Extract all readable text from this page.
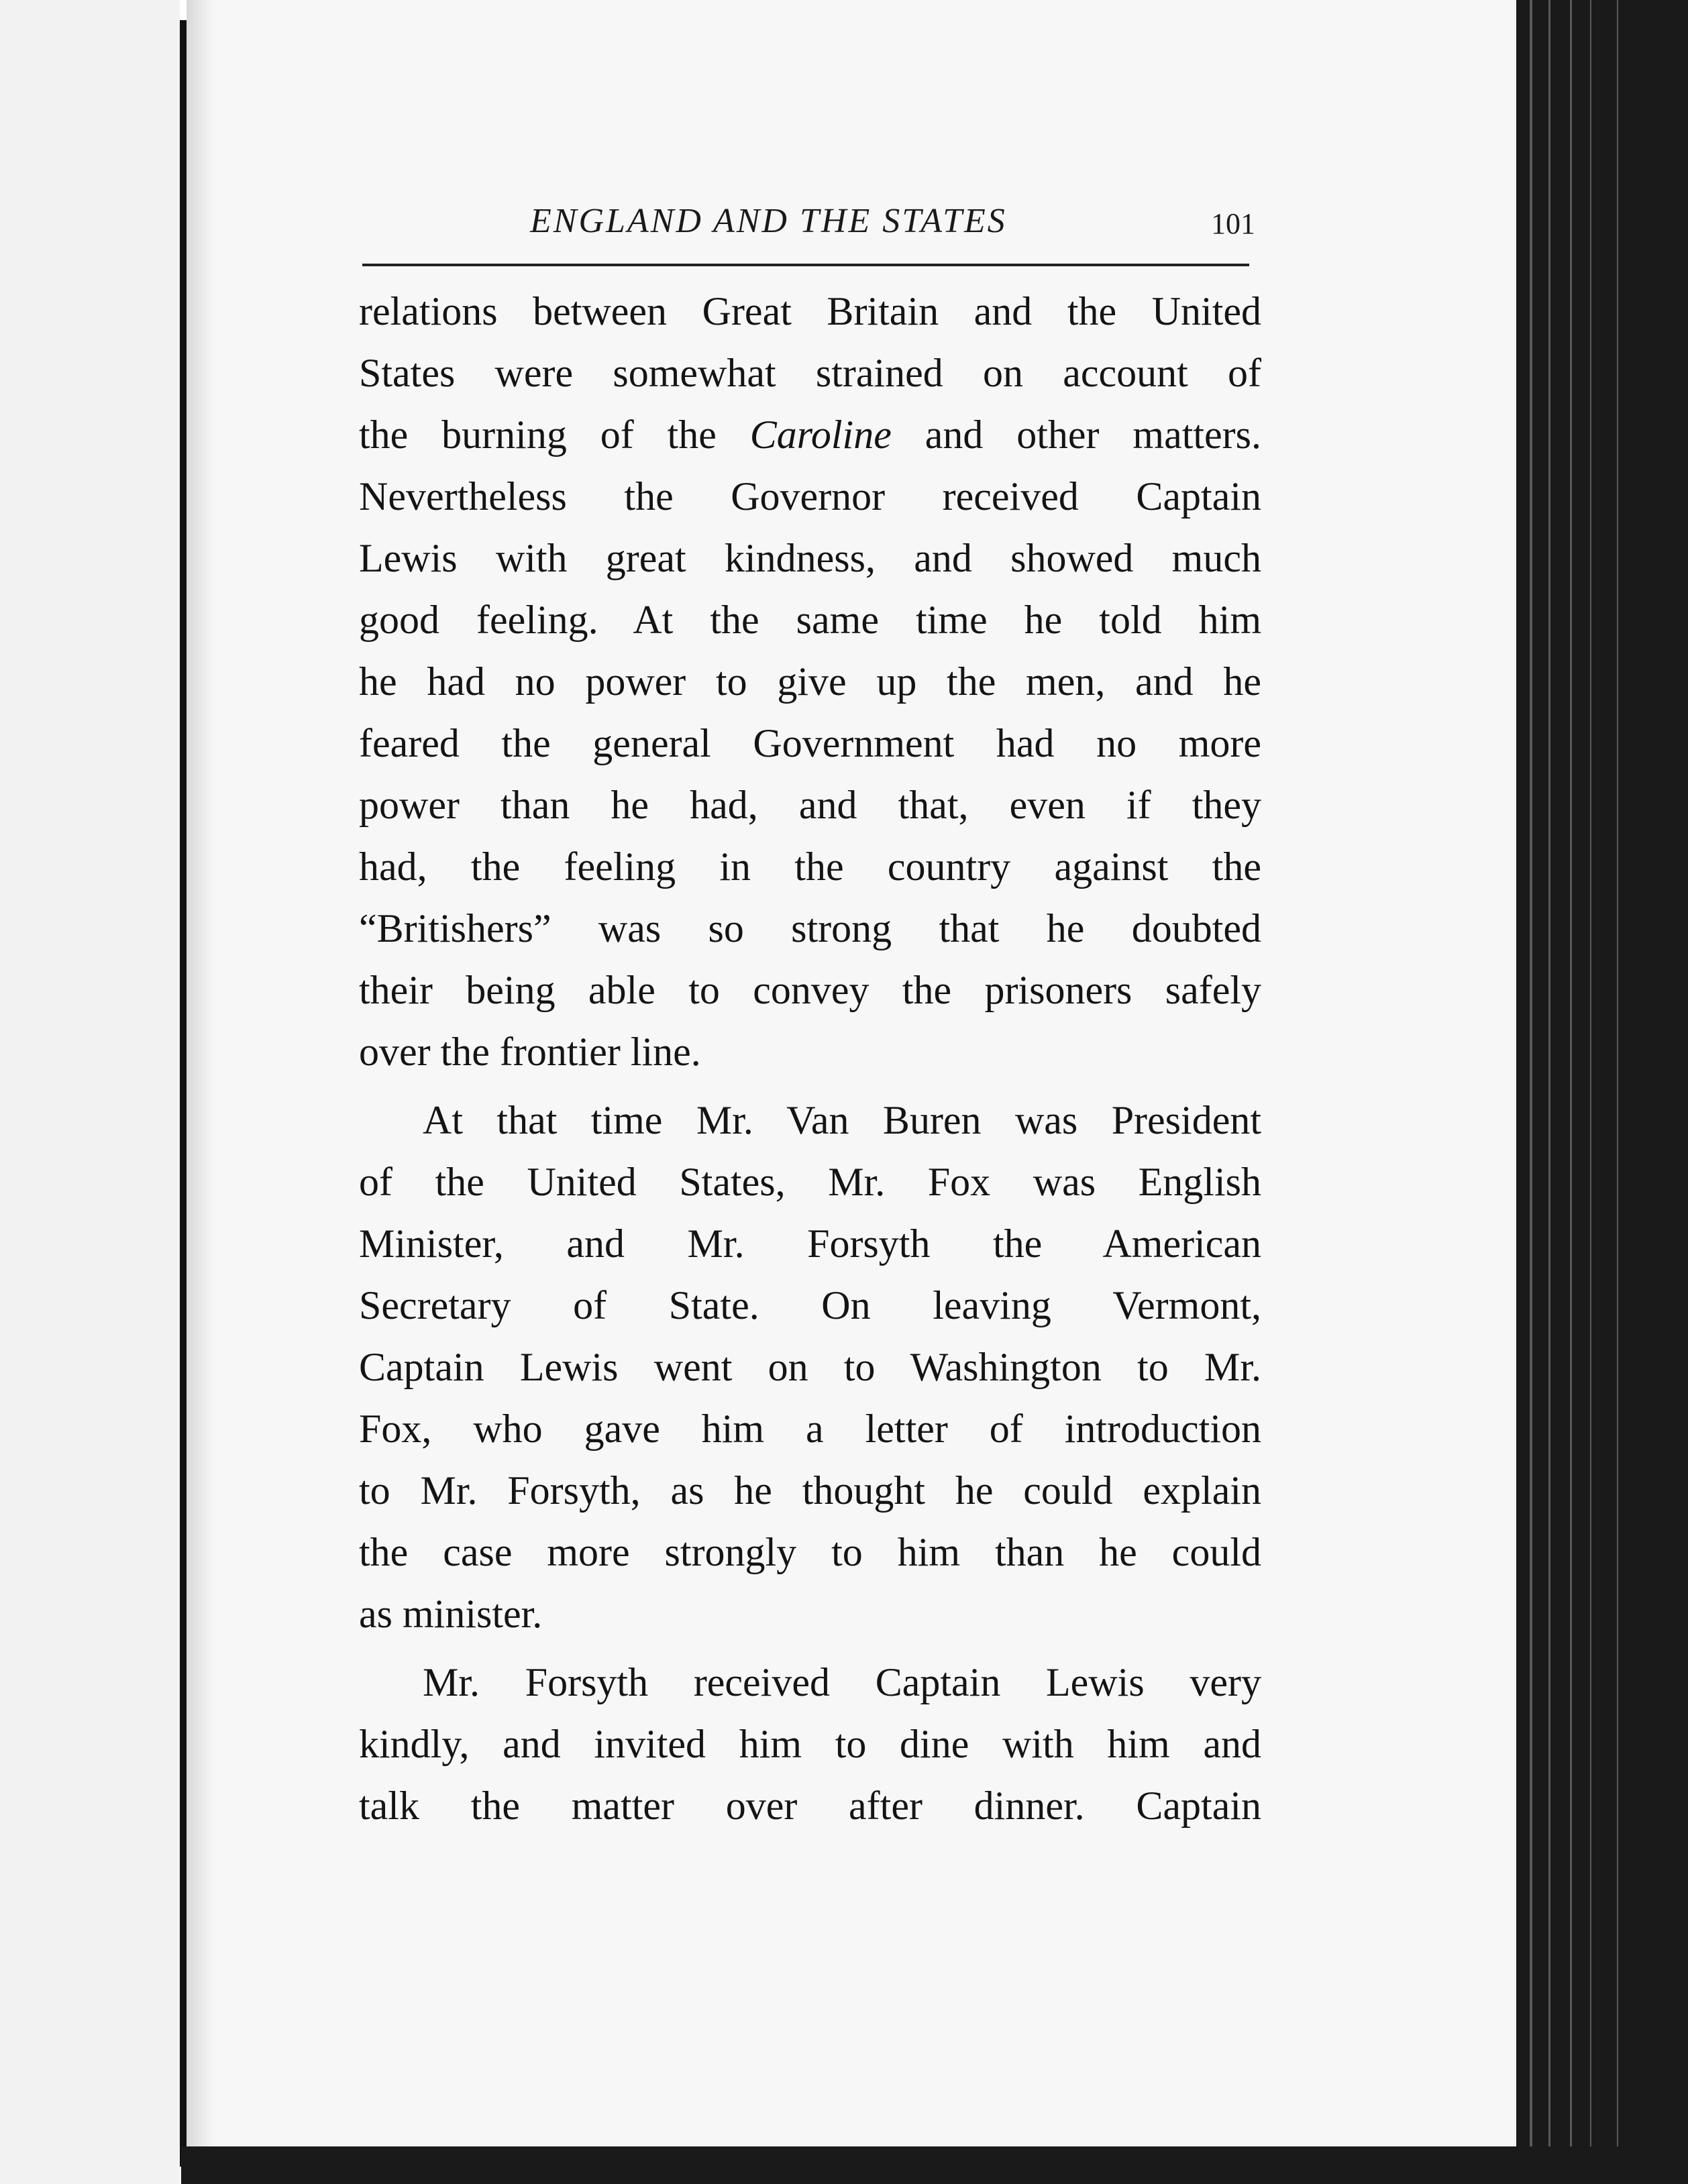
ENGLAND AND THE STATES	101
relations between Great Britain and the United
States were somewhat strained on account of
the burning of the Caroline and other matters.
Nevertheless the Governor received Captain
Lewis with great kindness, and showed much
good feeling. At the same time he told him
he had no power to give up the men, and he
feared the general Government had no more
power than he had, and that, even if they
had, the feeling in the country against the
“Britishers” was so strong that he doubted
their being able to convey the prisoners safely
over the frontier line.
At that time Mr. Van Buren was President
of the United States, Mr. Fox was English
Minister, and Mr. Forsyth the American
Secretary of State. On leaving Vermont,
Captain Lewis went on to Washington to Mr.
Fox, who gave him a letter of introduction
to Mr. Forsyth, as he thought he could explain
the case more strongly to him than he could
as minister.
Mr. Forsyth received Captain Lewis very
kindly, and invited him to dine with him and
talk the matter over after dinner. Captain
